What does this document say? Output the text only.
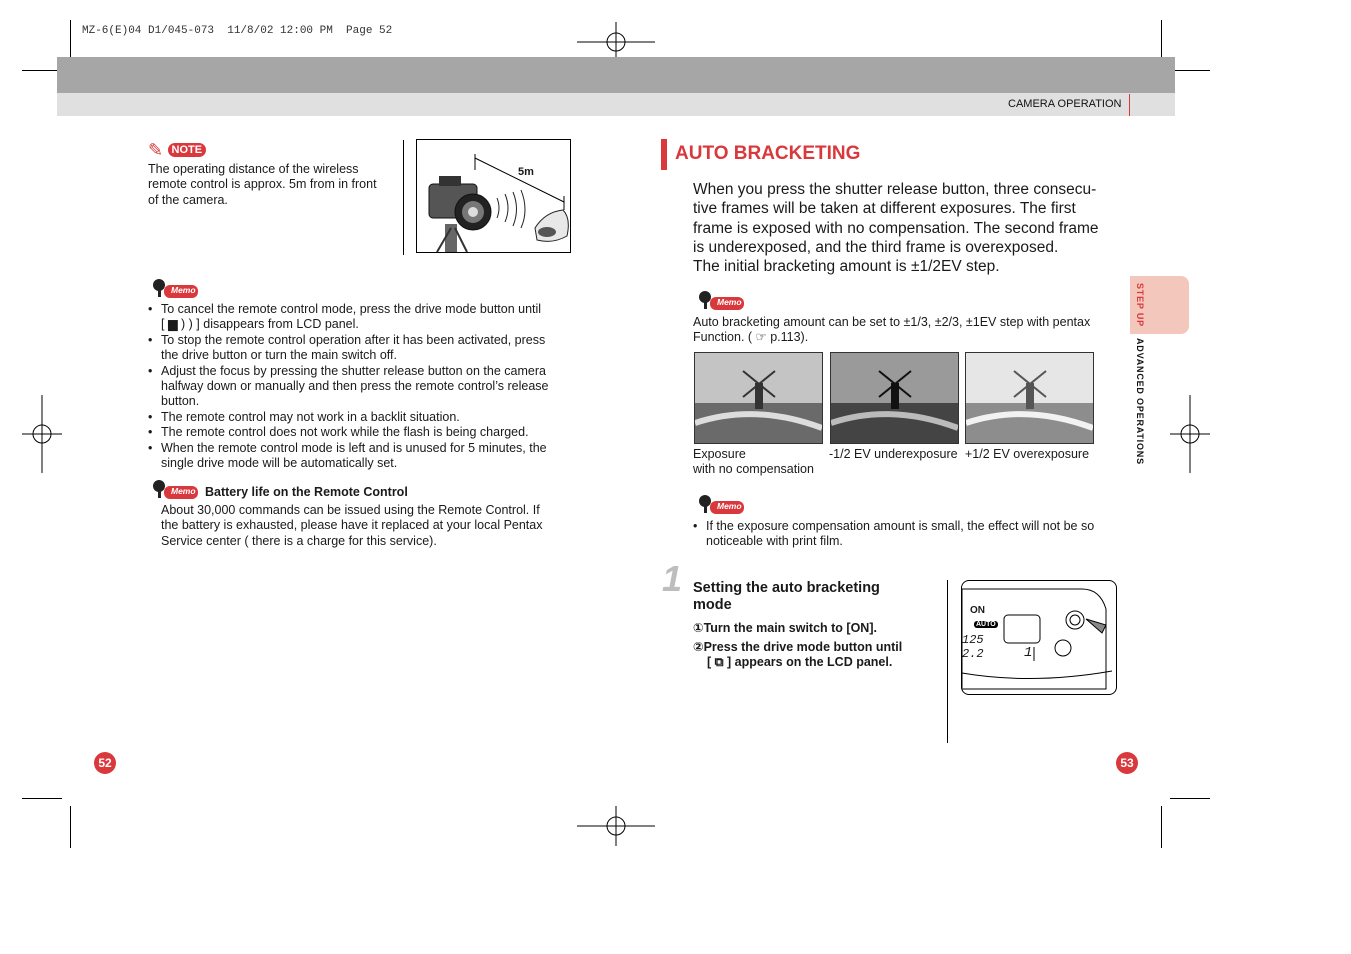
MZ-6(E)04 D1/045-073  11/8/02 12:00 PM  Page 52
CAMERA OPERATION
✎ NOTE
The operating distance of the wireless
remote control is approx. 5m from in front
of the camera.
5m
Memo
• To cancel the remote control mode, press the drive mode button until
[ ▆ ) ) ] disappears from LCD panel.
• To stop the remote control operation after it has been activated, press
the drive button or turn the main switch off.
• Adjust the focus by pressing the shutter release button on the camera
halfway down or manually and then press the remote control’s release
button.
• The remote control may not work in a backlit situation.
• The remote control does not work while the flash is being charged.
• When the remote control mode is left and is unused for 5 minutes, the
single drive mode will be automatically set.
Memo Battery life on the Remote Control
About 30,000 commands can be issued using the Remote Control. If
the battery is exhausted, please have it replaced at your local Pentax
Service center ( there is a charge for this service).
52
AUTO BRACKETING
When you press the shutter release button, three consecu-
tive frames will be taken at different exposures. The first
frame is exposed with no compensation. The second frame
is underexposed, and the third frame is overexposed.
The initial bracketing amount is ±1/2EV step.
Memo
Auto bracketing amount can be set to ±1/3, ±2/3, ±1EV step with pentax
Function. ( ☞ p.113).
Exposure
with no compensation
-1/2 EV underexposure +1/2 EV overexposure
Memo
• If the exposure compensation amount is small, the effect will not be so
noticeable with print film.
1 Setting the auto bracketing
mode
①Turn the main switch to [ON].
②Press the drive mode button until
[ ⧉ ] appears on the LCD panel.
ON
AUTO
125
2.2	1
STEP UP
ADVANCED OPERATIONS
53
